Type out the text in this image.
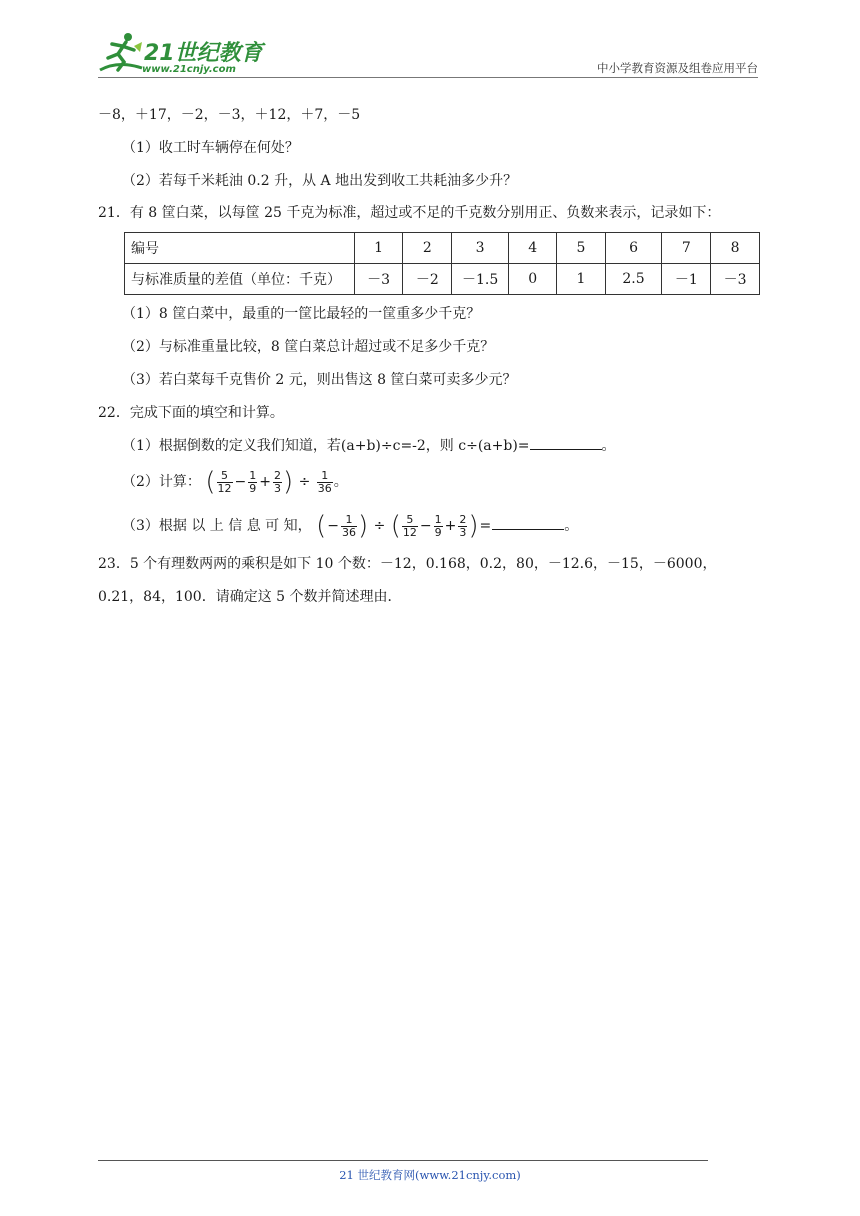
21世纪教育
www.21cnjy.com	中小学教育资源及组卷应用平台
－8，＋17，－2，－3，＋12，＋7，－5
（1）收工时车辆停在何处？
（2）若每千米耗油 0.2 升，从 A 地出发到收工共耗油多少升？
21．有 8 筐白菜，以每筐 25 千克为标准，超过或不足的千克数分别用正、负数来表示，记录如下：
编号	1	2	3	4	5	6	7	8
与标准质量的差值（单位：千克）	－3	－2	－1.5	0	1	2.5	－1	－3
（1）8 筐白菜中，最重的一筐比最轻的一筐重多少千克？
（2）与标准重量比较，8 筐白菜总计超过或不足多少千克？
（3）若白菜每千克售价 2 元，则出售这 8 筐白菜可卖多少元？
22．完成下面的填空和计算。
（1）根据倒数的定义我们知道，若(a+b)÷c=-2，则 c÷(a+b)=	。
（2）计算： ( $\frac{5}{12} - \frac{1}{9} + \frac{2}{3}$ ) ÷ $\frac{1}{36}$ 。
（3）根据 以 上 信 息 可 知， (− $\frac{1}{36}$ ) ÷ ( $\frac{5}{12} - \frac{1}{9} + \frac{2}{3}$ )=	。
23．5 个有理数两两的乘积是如下 10 个数：－12，0.168，0.2，80，－12.6，－15，－6000，0.21，84，100．请确定这 5 个数并简述理由．
21 世纪教育网(www.21cnjy.com)
